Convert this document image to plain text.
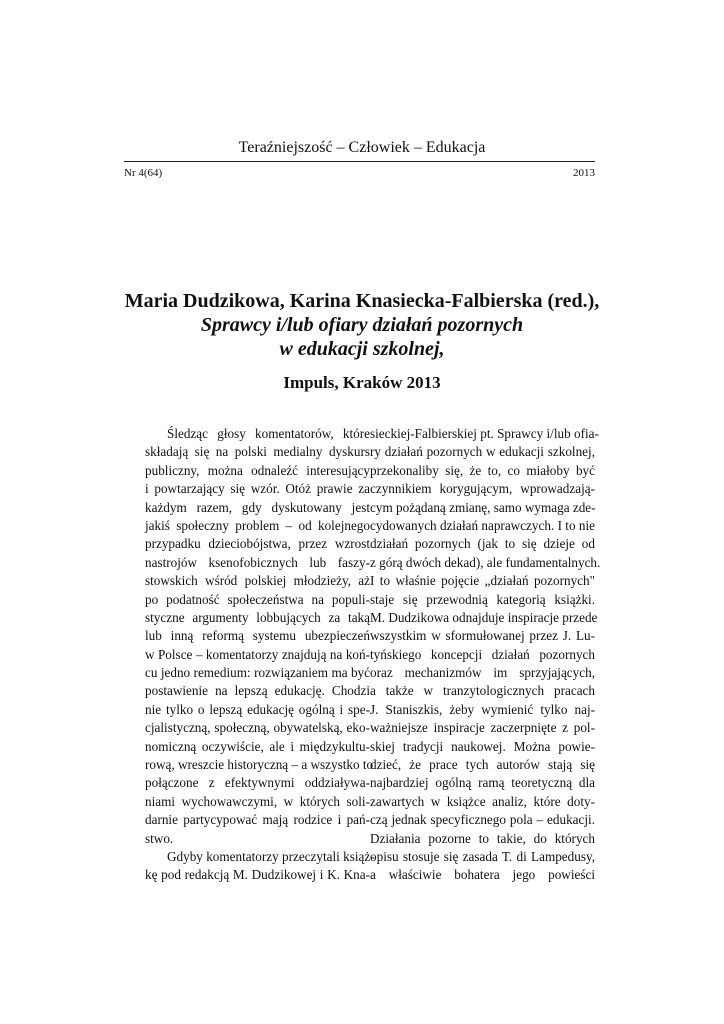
Teraźniejszość – Człowiek – Edukacja
Nr 4(64)	2013
Maria Dudzikowa, Karina Knasiecka-Falbierska (red.),
Sprawcy i/lub ofiary działań pozornych
w edukacji szkolnej,
Impuls, Kraków 2013
Śledząc głosy komentatorów, które
składają się na polski medialny dyskurs
publiczny, można odnaleźć interesujący
i powtarzający się wzór. Otóż prawie za
każdym razem, gdy dyskutowany jest
jakiś społeczny problem – od kolejnego
przypadku dzieciobójstwa, przez wzrost
nastrojów ksenofobicznych lub faszy-
stowskich wśród polskiej młodzieży, aż
po podatność społeczeństwa na populi-
styczne argumenty lobbujących za taką
lub inną reformą systemu ubezpieczeń
w Polsce – komentatorzy znajdują na koń-
cu jedno remedium: rozwiązaniem ma być
postawienie na lepszą edukację. Chodzi
nie tylko o lepszą edukację ogólną i spe-
cjalistyczną, społeczną, obywatelską, eko-
nomiczną oczywiście, ale i międzykultu-
rową, wreszcie historyczną – a wszystko to
połączone z efektywnymi oddziaływa-
niami wychowawczymi, w których soli-
darnie partycypować mają rodzice i pań-
stwo.
Gdyby komentatorzy przeczytali książ-
kę pod redakcją M. Dudzikowej i K. Kna-
sieckiej-Falbierskiej pt. Sprawcy i/lub ofia-
ry działań pozornych w edukacji szkolnej,
przekonaliby się, że to, co miałoby być
czynnikiem korygującym, wprowadzają-
cym pożądaną zmianę, samo wymaga zde-
cydowanych działań naprawczych. I to nie
działań pozornych (jak to się dzieje od
z górą dwóch dekad), ale fundamentalnych.
I to właśnie pojęcie „działań pozornych"
staje się przewodnią kategorią książki.
M. Dudzikowa odnajduje inspiracje przede
wszystkim w sformułowanej przez J. Lu-
tyńskiego koncepcji działań pozornych
oraz mechanizmów im sprzyjających,
a także w tranzytologicznych pracach
J. Staniszkis, żeby wymienić tylko naj-
ważniejsze inspiracje zaczerpnięte z pol-
skiej tradycji naukowej. Można powie-
dzieć, że prace tych autorów stają się
najbardziej ogólną ramą teoretyczną dla
zawartych w książce analiz, które doty-
czą jednak specyficznego pola – edukacji.
Działania pozorne to takie, do których
opisu stosuje się zasada T. di Lampedusy,
a właściwie bohatera jego powieści
